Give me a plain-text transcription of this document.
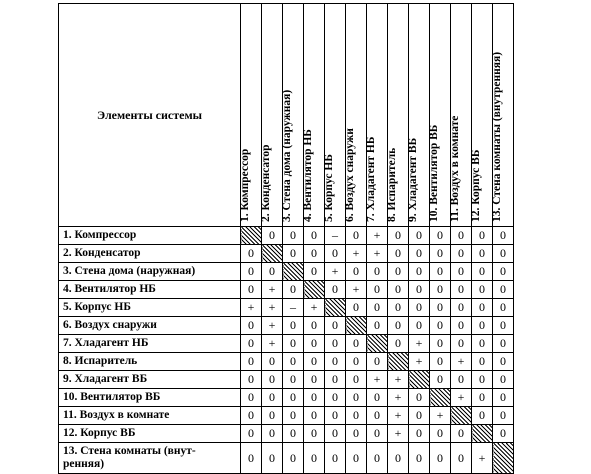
Элементы системы	1. Компрессор	2. Конденсатор	3. Стена дома (наружная)	4. Вентилятор НБ	5. Корпус НБ	6. Воздух снаружи	7. Хладагент НБ	8. Испаритель	9. Хладагент ВБ	10. Вентилятор ВБ	11. Воздух в комнате	12. Корпус ВБ	13. Стена комнаты (внутренняя)

1. Компрессор		0	0	0	–	0	+	0	0	0	0	0	0
2. Конденсатор	0		0	0	0	+	+	0	0	0	0	0	0
3. Стена дома (наружная)	0	0		0	+	0	0	0	0	0	0	0	0
4. Вентилятор НБ	0	+	0		0	+	0	0	0	0	0	0	0
5. Корпус НБ	+	+	–	+		0	0	0	0	0	0	0	0
6. Воздух снаружи	0	+	0	0	0		0	0	0	0	0	0	0
7. Хладагент НБ	0	+	0	0	0	0		0	+	0	0	0	0
8. Испаритель	0	0	0	0	0	0	0		+	0	+	0	0
9. Хладагент ВБ	0	0	0	0	0	0	+	+		0	0	0	0
10. Вентилятор ВБ	0	0	0	0	0	0	0	+	0		+	0	0
11. Воздух в комнате	0	0	0	0	0	0	0	+	0	+		0	0
12. Корпус ВБ	0	0	0	0	0	0	0	+	0	0	0		0
13. Стена комнаты (внут-
ренняя)	0	0	0	0	0	0	0	0	0	0	0	+	
